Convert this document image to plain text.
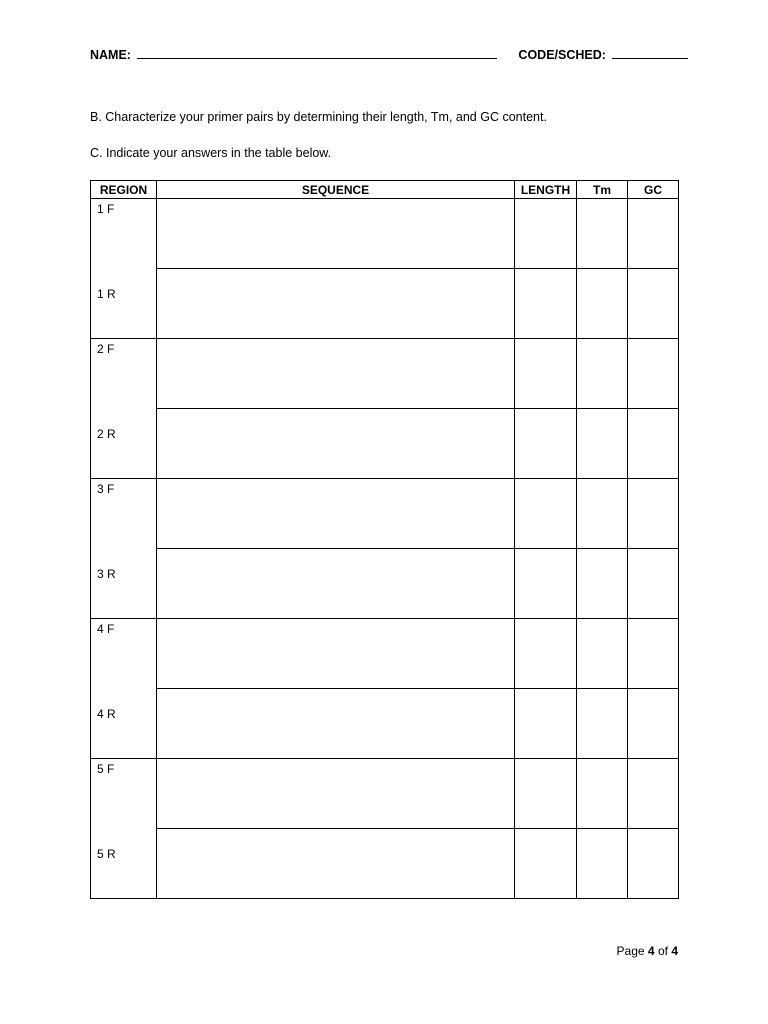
NAME:	CODE/SCHED:
B. Characterize your primer pairs by determining their length, Tm, and GC content.
C. Indicate your answers in the table below.
REGION	SEQUENCE	LENGTH	Tm	GC

1 F
1 R				

2 F
2 R				

3 F
3 R				

4 F
4 R				

5 F
5 R				

Page 4 of 4
